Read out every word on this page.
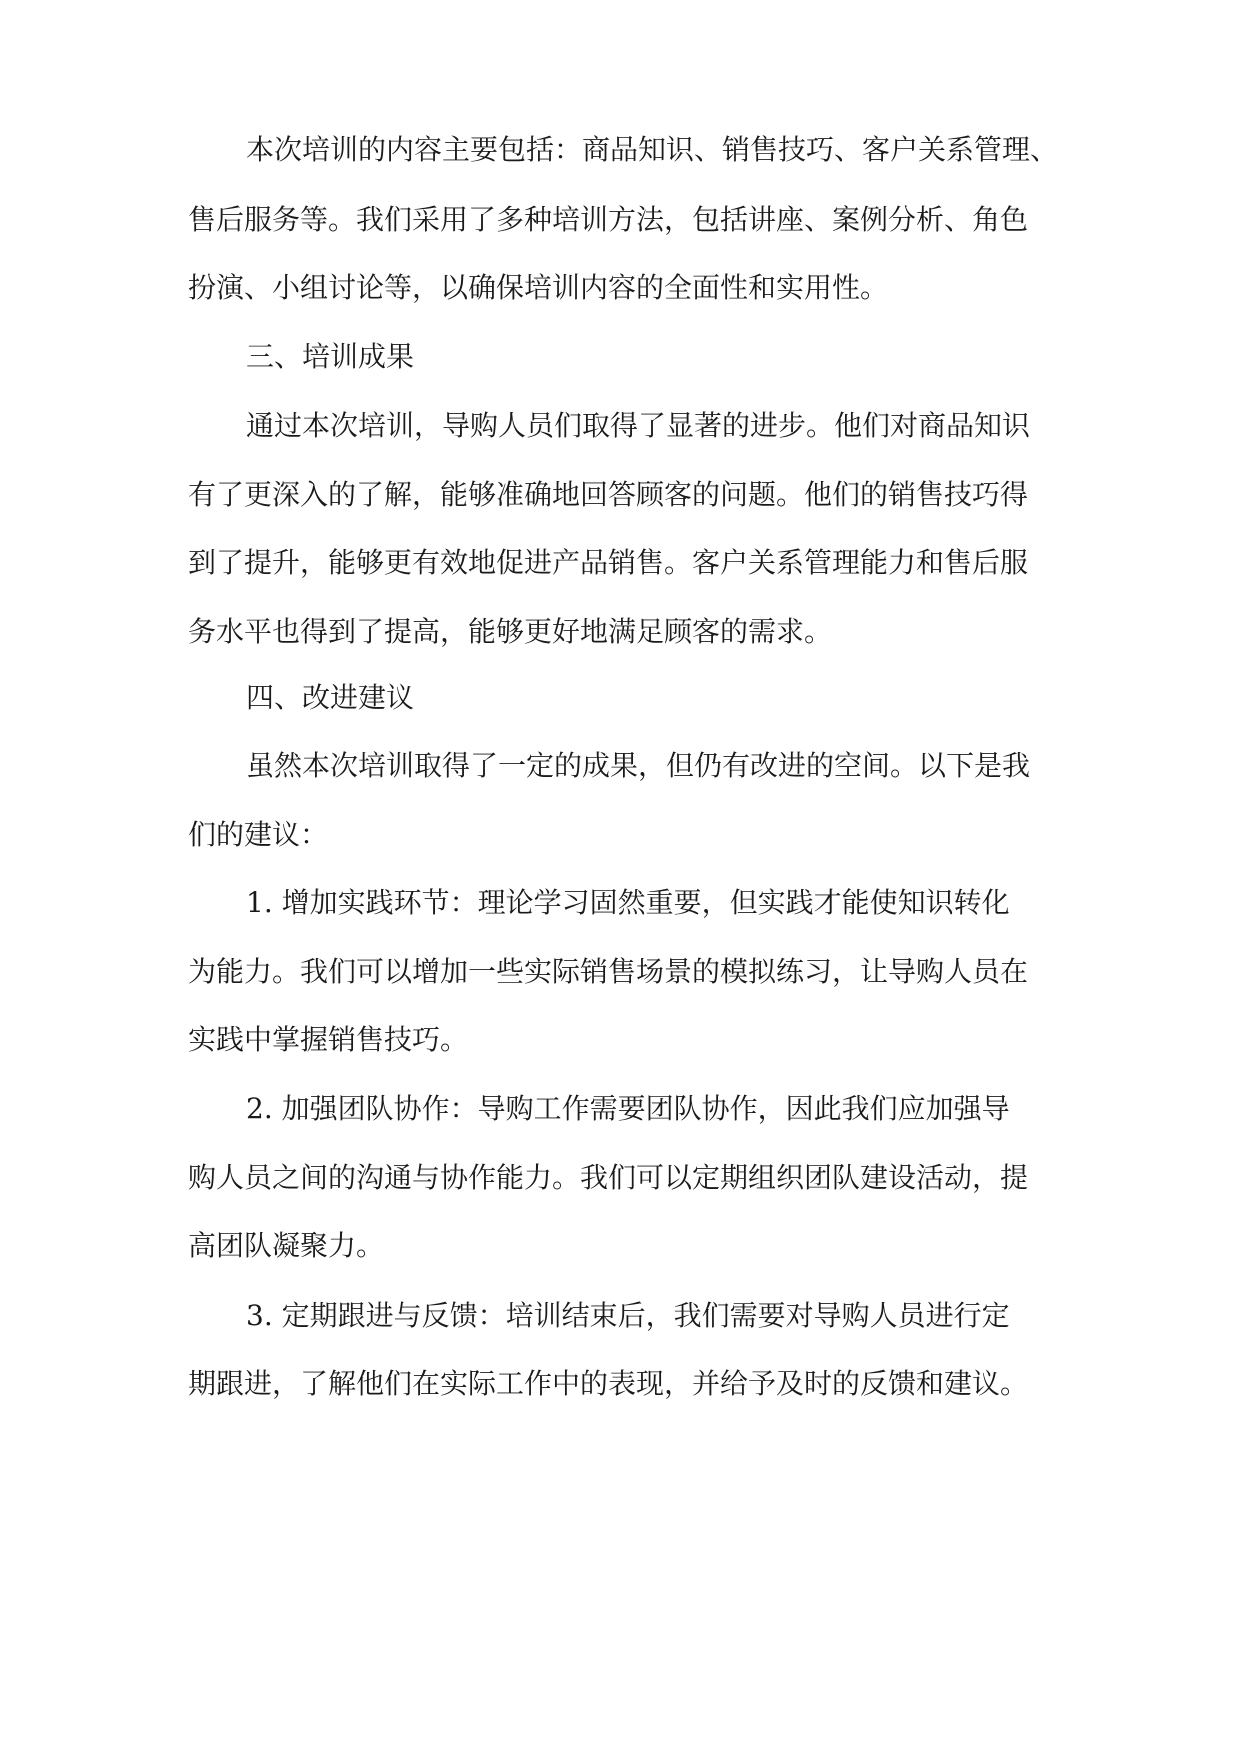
本次培训的内容主要包括：商品知识、销售技巧、客户关系管理、
售后服务等。我们采用了多种培训方法，包括讲座、案例分析、角色
扮演、小组讨论等，以确保培训内容的全面性和实用性。
三、培训成果
通过本次培训，导购人员们取得了显著的进步。他们对商品知识
有了更深入的了解，能够准确地回答顾客的问题。他们的销售技巧得
到了提升，能够更有效地促进产品销售。客户关系管理能力和售后服
务水平也得到了提高，能够更好地满足顾客的需求。
四、改进建议
虽然本次培训取得了一定的成果，但仍有改进的空间。以下是我
们的建议：
1. 增加实践环节：理论学习固然重要，但实践才能使知识转化
为能力。我们可以增加一些实际销售场景的模拟练习，让导购人员在
实践中掌握销售技巧。
2. 加强团队协作：导购工作需要团队协作，因此我们应加强导
购人员之间的沟通与协作能力。我们可以定期组织团队建设活动，提
高团队凝聚力。
3. 定期跟进与反馈：培训结束后，我们需要对导购人员进行定
期跟进，了解他们在实际工作中的表现，并给予及时的反馈和建议。
